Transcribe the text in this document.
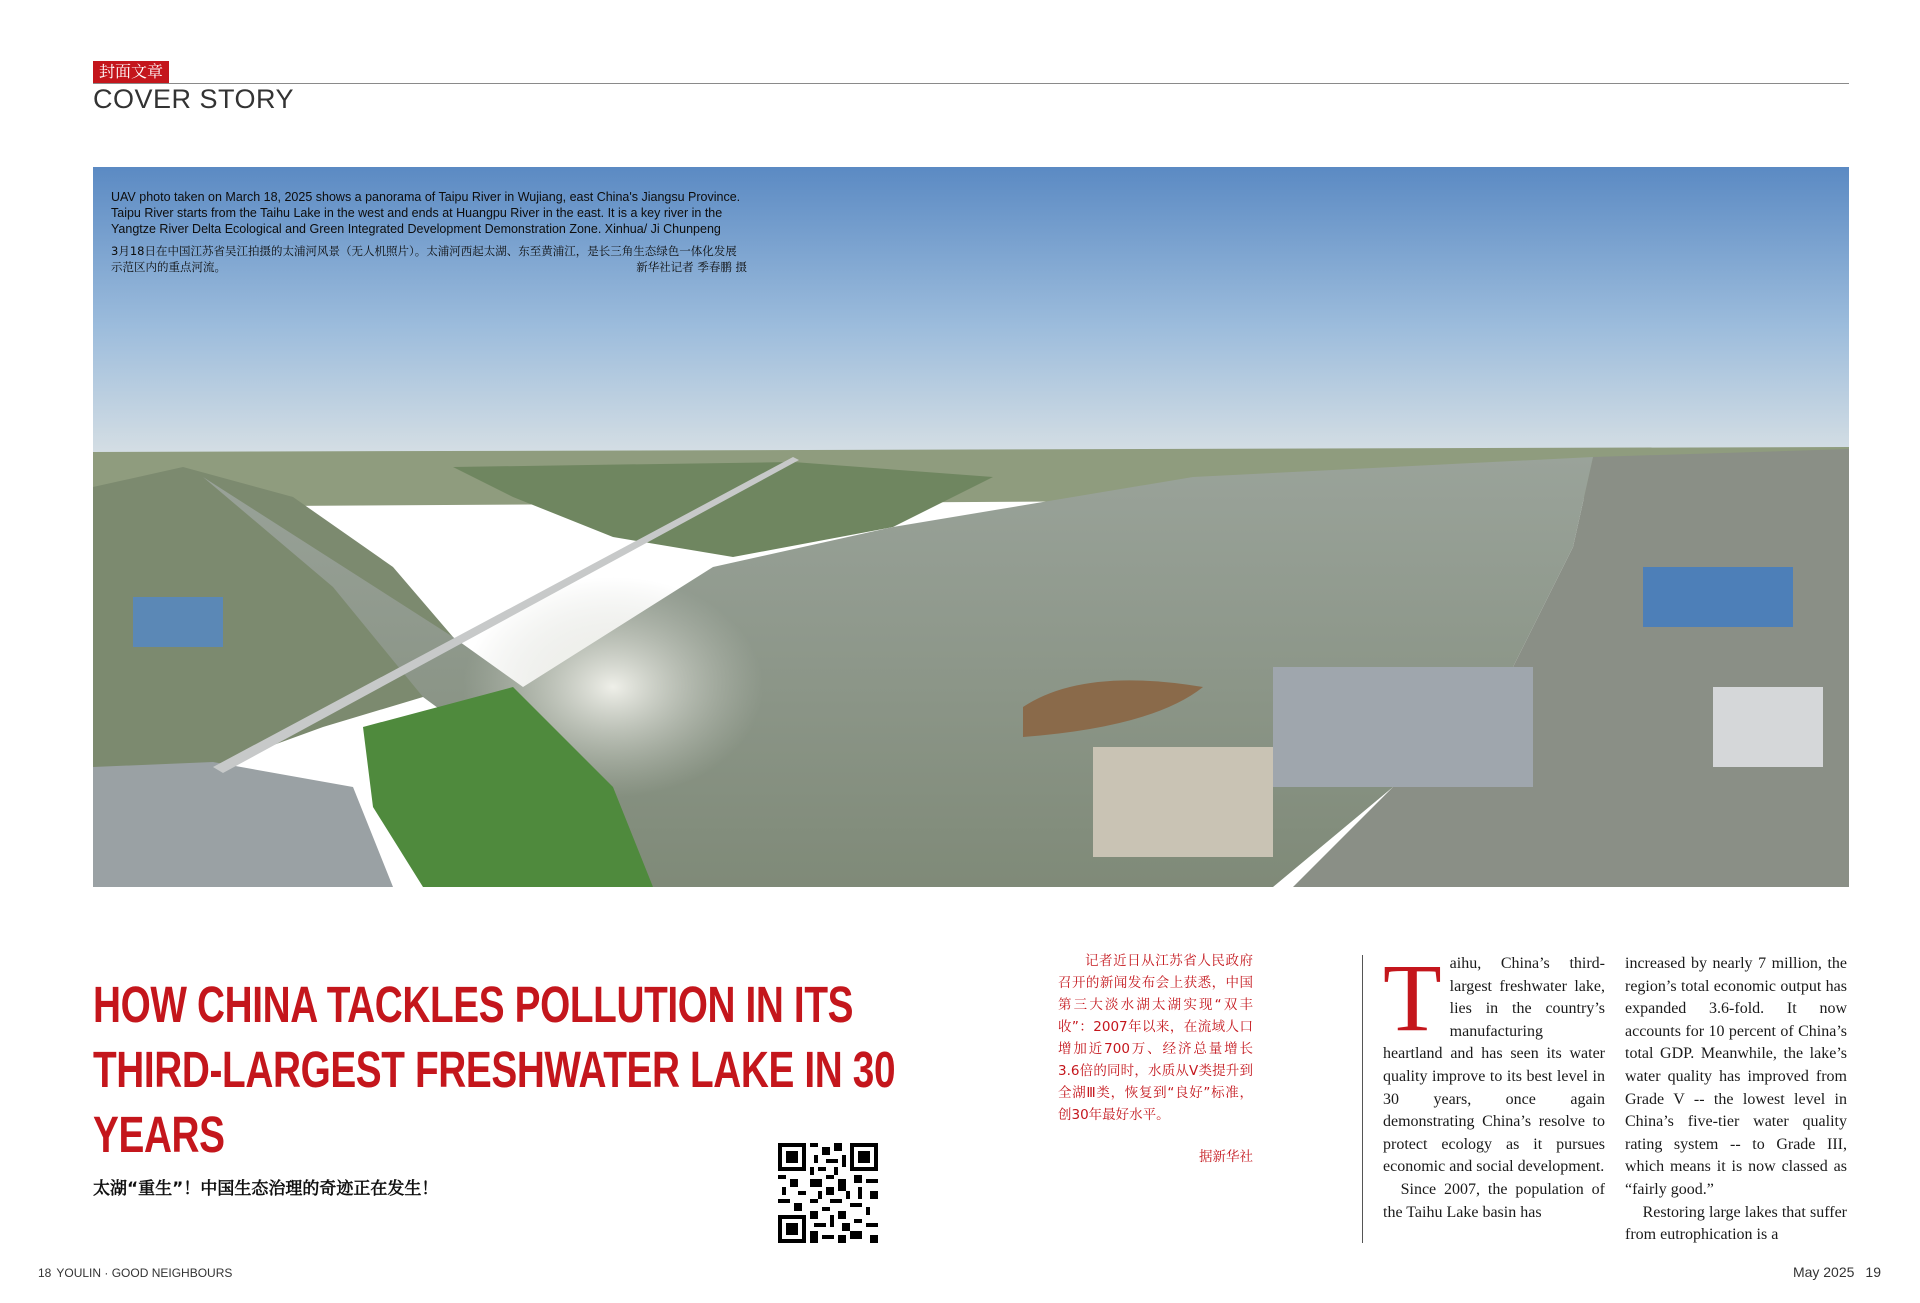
封面文章
COVER STORY

UAV photo taken on March 18, 2025 shows a panorama of Taipu River in Wujiang, east China's Jiangsu Province. Taipu River starts from the Taihu Lake in the west and ends at Huangpu River in the east. It is a key river in the Yangtze River Delta Ecological and Green Integrated Development Demonstration Zone. Xinhua/ Ji Chunpeng

3月18日在中国江苏省吴江拍摄的太浦河风景（无人机照片）。太浦河西起太湖、东至黄浦江，是长三角生态绿色一体化发展示范区内的重点河流。	新华社记者 季春鹏 摄

HOW CHINA TACKLES POLLUTION IN ITS THIRD-LARGEST FRESHWATER LAKE IN 30 YEARS

太湖“重生”！中国生态治理的奇迹正在发生！

记者近日从江苏省人民政府召开的新闻发布会上获悉，中国第三大淡水湖太湖实现“双丰收”：2007年以来，在流域人口增加近700万、经济总量增长3.6倍的同时，水质从Ⅴ类提升到全湖Ⅲ类，恢复到“良好”标准，创30年最好水平。

据新华社

Taihu, China’s third-largest freshwater lake, lies in the country’s manufacturing heartland and has seen its water quality improve to its best level in 30 years, once again demonstrating China’s resolve to protect ecology as it pursues economic and social development.

Since 2007, the population of the Taihu Lake basin has

increased by nearly 7 million, the region’s total economic output has expanded 3.6-fold. It now accounts for 10 percent of China’s total GDP. Meanwhile, the lake’s water quality has improved from Grade V -- the lowest level in China’s five-tier water quality rating system -- to Grade III, which means it is now classed as “fairly good.”

Restoring large lakes that suffer from eutrophication is a

18 YOULIN · GOOD NEIGHBOURS	May 2025 19
